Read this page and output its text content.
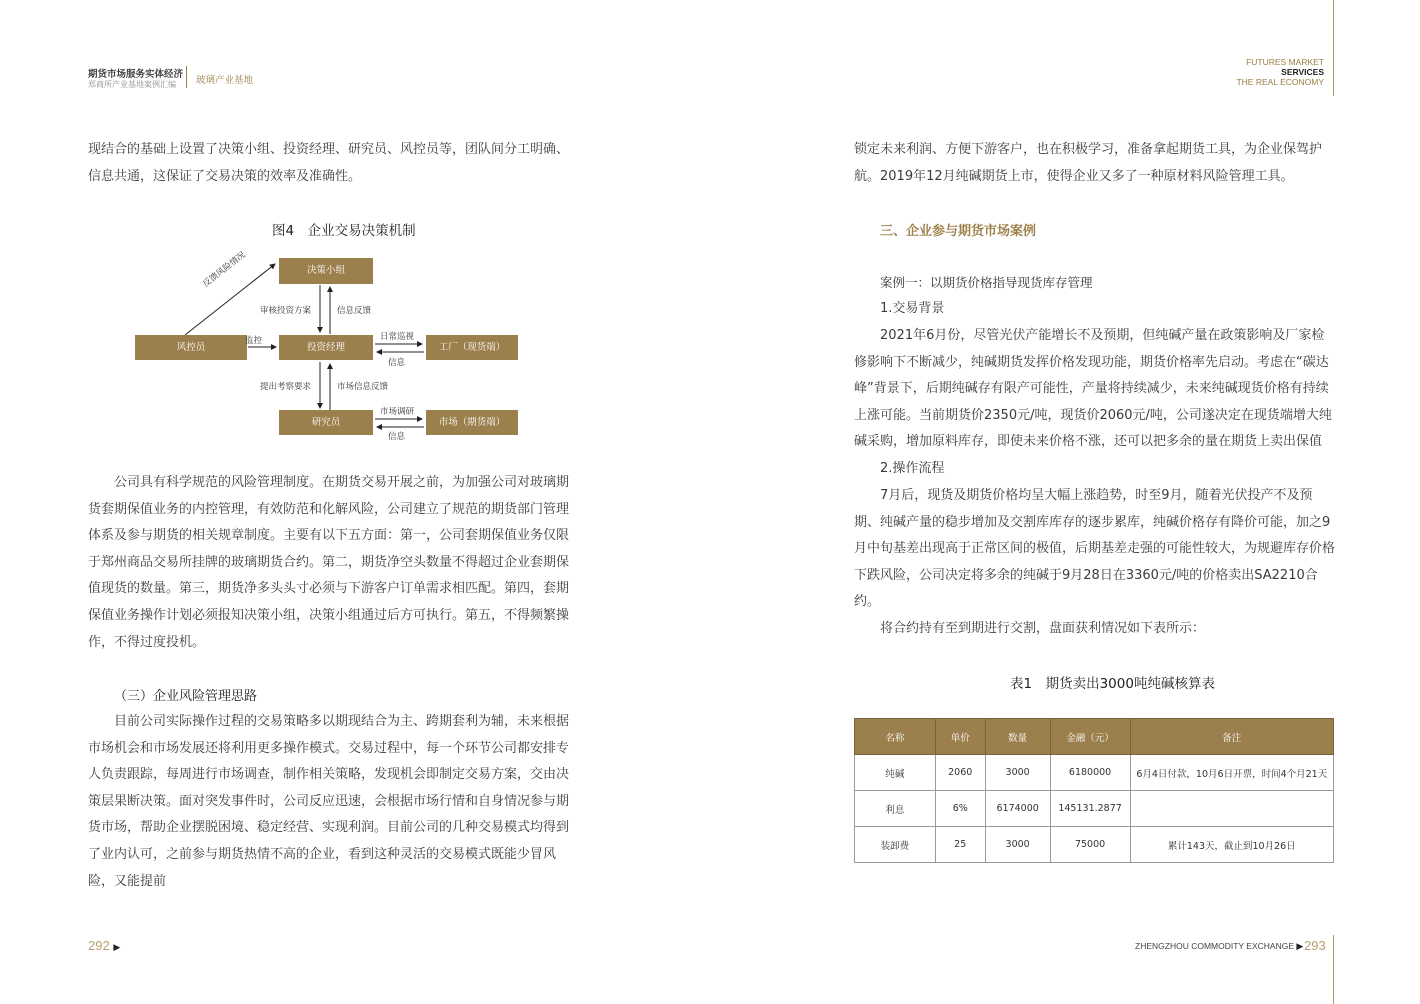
期货市场服务实体经济
郑商所产业基地案例汇编 玻璃产业基地
FUTURES MARKET
SERVICES
THE REAL ECONOMY

现结合的基础上设置了决策小组、投资经理、研究员、风控员等，团队间分工明确、信息共通，这保证了交易决策的效率及准确性。

图4　企业交易决策机制
决策小组
风控员	投资经理	工厂（现货端）
研究员	市场（期货端）
反馈风险情况
审核投资方案	信息反馈
监控	日常巡视
信息
提出考察要求	市场信息反馈
市场调研
信息

公司具有科学规范的风险管理制度。在期货交易开展之前，为加强公司对玻璃期货套期保值业务的内控管理，有效防范和化解风险，公司建立了规范的期货部门管理体系及参与期货的相关规章制度。主要有以下五方面：第一，公司套期保值业务仅限于郑州商品交易所挂牌的玻璃期货合约。第二，期货净空头数量不得超过企业套期保值现货的数量。第三，期货净多头头寸必须与下游客户订单需求相匹配。第四，套期保值业务操作计划必须报知决策小组，决策小组通过后方可执行。第五，不得频繁操作，不得过度投机。

（三）企业风险管理思路

目前公司实际操作过程的交易策略多以期现结合为主、跨期套利为辅，未来根据市场机会和市场发展还将利用更多操作模式。交易过程中，每一个环节公司都安排专人负责跟踪，每周进行市场调查，制作相关策略，发现机会即制定交易方案，交由决策层果断决策。面对突发事件时，公司反应迅速，会根据市场行情和自身情况参与期货市场，帮助企业摆脱困境、稳定经营、实现利润。目前公司的几种交易模式均得到了业内认可，之前参与期货热情不高的企业，看到这种灵活的交易模式既能少冒风险，又能提前

锁定未来利润、方便下游客户，也在积极学习，准备拿起期货工具，为企业保驾护航。2019年12月纯碱期货上市，使得企业又多了一种原材料风险管理工具。

三、企业参与期货市场案例
案例一：以期货价格指导现货库存管理
1.交易背景

2021年6月份，尽管光伏产能增长不及预期，但纯碱产量在政策影响及厂家检修影响下不断减少，纯碱期货发挥价格发现功能，期货价格率先启动。考虑在“碳达峰”背景下，后期纯碱存有限产可能性，产量将持续减少，未来纯碱现货价格有持续上涨可能。当前期货价2350元/吨，现货价2060元/吨，公司遂决定在现货端增大纯碱采购，增加原料库存，即使未来价格不涨，还可以把多余的量在期货上卖出保值

2.操作流程

7月后，现货及期货价格均呈大幅上涨趋势，时至9月，随着光伏投产不及预期、纯碱产量的稳步增加及交割库库存的逐步累库，纯碱价格存有降价可能，加之9月中旬基差出现高于正常区间的极值，后期基差走强的可能性较大，为规避库存价格下跌风险，公司决定将多余的纯碱于9月28日在3360元/吨的价格卖出SA2210合约。

将合约持有至到期进行交割，盘面获利情况如下表所示：

表1　期货卖出3000吨纯碱核算表
名称	单价	数量	金融（元）	备注
纯碱	2060	3000	6180000	6月4日付款，10月6日开票，时间4个月21天
利息	6%	6174000	145131.2877	
装卸费	25	3000	75000	累计143天，截止到10月26日
292 ▶	ZHENGZHOU COMMODITY EXCHANGE ▶ 293
